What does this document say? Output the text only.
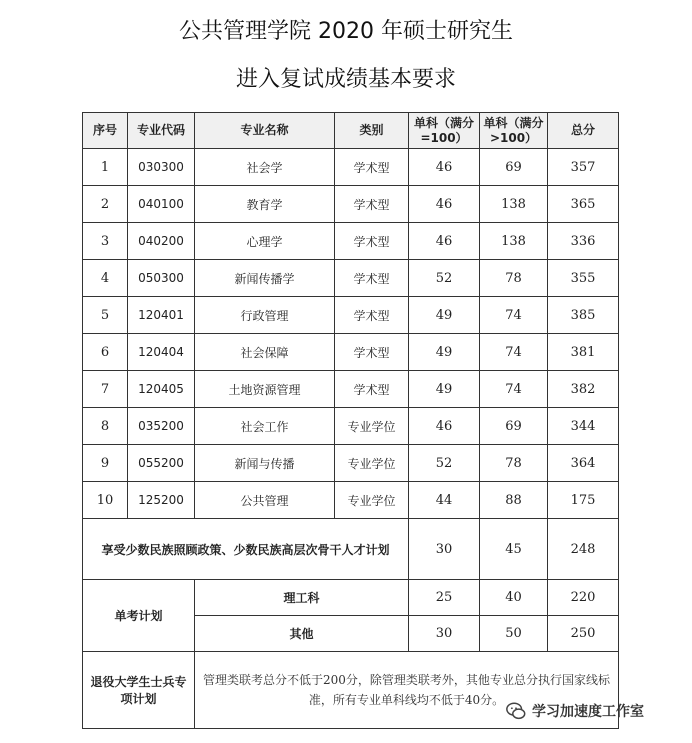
公共管理学院 2020 年硕士研究生
进入复试成绩基本要求
序号	专业代码	专业名称	类别	单科（满分=100）	单科（满分>100）	总分
1	030300	社会学	学术型	46	69	357
2	040100	教育学	学术型	46	138	365
3	040200	心理学	学术型	46	138	336
4	050300	新闻传播学	学术型	52	78	355
5	120401	行政管理	学术型	49	74	385
6	120404	社会保障	学术型	49	74	381
7	120405	土地资源管理	学术型	49	74	382
8	035200	社会工作	专业学位	46	69	344
9	055200	新闻与传播	专业学位	52	78	364
10	125200	公共管理	专业学位	44	88	175
享受少数民族照顾政策、少数民族高层次骨干人才计划				30	45	248
单考计划		理工科		25	40	220
		其他		30	50	250
退役大学生士兵专项计划		管理类联考总分不低于200分，除管理类联考外，其他专业总分执行国家线标准，所有专业单科线均不低于40分。				
学习加速度工作室
